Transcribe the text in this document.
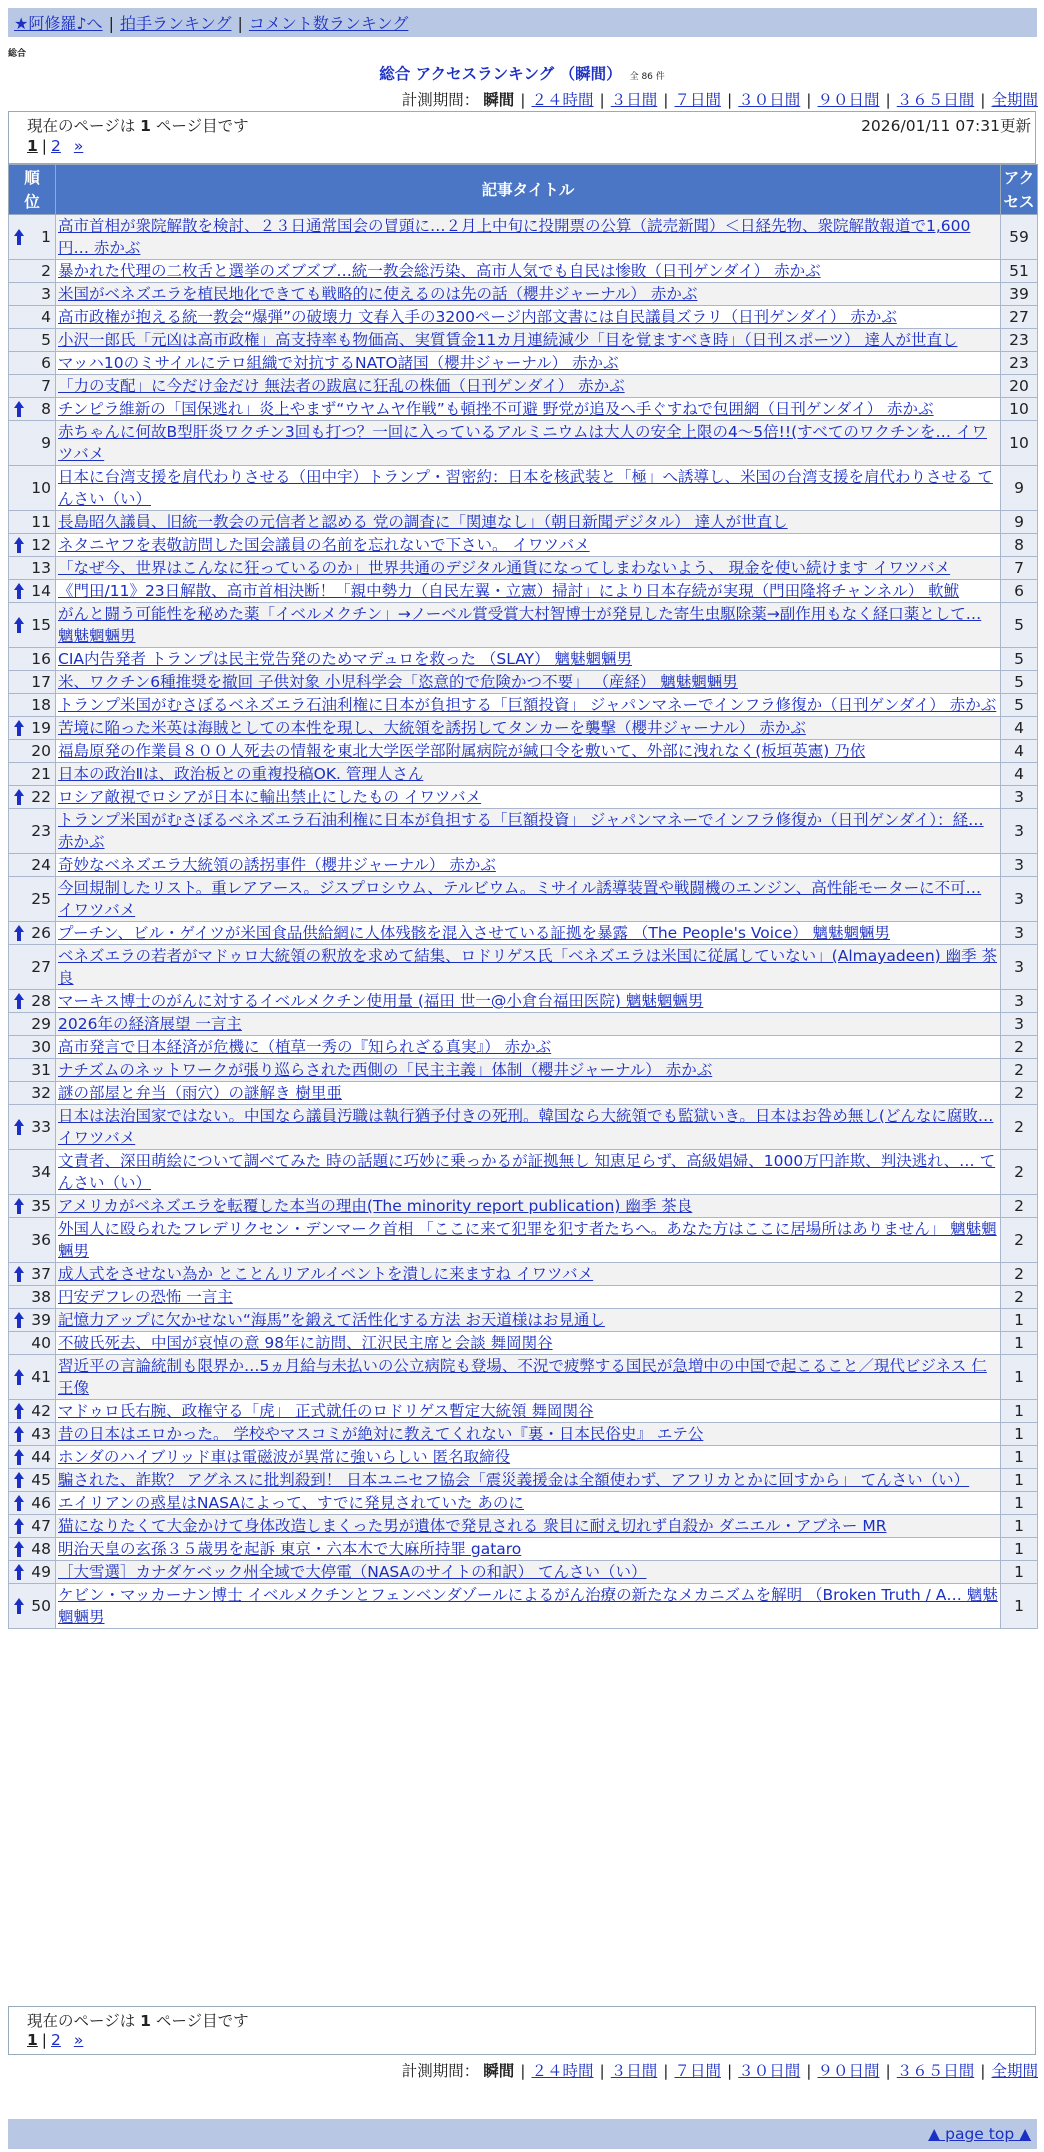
★阿修羅♪へ | 拍手ランキング | コメント数ランキング
総合
総合 アクセスランキング （瞬間） 全 86 件
計測期間： 瞬間 | ２４時間 | ３日間 | ７日間 | ３０日間 | ９０日間 | ３６５日間 | 全期間
現在のページは 1 ページ目です	2026/01/11 07:31更新
1 | 2 »
順位	記事タイトル	アクセス

1	高市首相が衆院解散を検討、２３日通常国会の冒頭に…２月上中旬に投開票の公算（読売新聞）＜日経先物、衆院解散報道で1,600円… 赤かぶ	59
2	暴かれた代理の二枚舌と選挙のズブズブ…統一教会総汚染、高市人気でも自民は惨敗（日刊ゲンダイ） 赤かぶ	51
3	米国がベネズエラを植民地化できても戦略的に使えるのは先の話（櫻井ジャーナル） 赤かぶ	39
4	高市政権が抱える統一教会“爆弾”の破壊力 文春入手の3200ページ内部文書には自民議員ズラリ（日刊ゲンダイ） 赤かぶ	27
5	小沢一郎氏「元凶は高市政権」高支持率も物価高、実質賃金11カ月連続減少「目を覚ますべき時」（日刊スポーツ） 達人が世直し	23
6	マッハ10のミサイルにテロ組織で対抗するNATO諸国（櫻井ジャーナル） 赤かぶ	23
7	「力の支配」に今だけ金だけ 無法者の跋扈に狂乱の株価（日刊ゲンダイ） 赤かぶ	20

8	チンピラ維新の「国保逃れ」炎上やまず“ウヤムヤ作戦”も頓挫不可避 野党が追及へ手ぐすねで包囲網（日刊ゲンダイ） 赤かぶ	10
9	赤ちゃんに何故B型肝炎ワクチン3回も打つ？一回に入っているアルミニウムは大人の安全上限の4～5倍!!(すべてのワクチンを… イワツバメ	10
10	日本に台湾支援を肩代わりさせる（田中宇）トランプ・習密約：日本を核武装と「極」へ誘導し、米国の台湾支援を肩代わりさせる てんさい（い）	9
11	長島昭久議員、旧統一教会の元信者と認める 党の調査に「関連なし」（朝日新聞デジタル） 達人が世直し	9

12	ネタニヤフを表敬訪問した国会議員の名前を忘れないで下さい。 イワツバメ	8
13	「なぜ今、世界はこんなに狂っているのか」世界共通のデジタル通貨になってしまわないよう、 現金を使い続けます イワツバメ	7

14	《門田/11》23日解散、高市首相決断！「親中勢力（自民左翼・立憲）掃討」により日本存続が実現（門田隆将チャンネル） 軟鮲	6

15	がんと闘う可能性を秘めた薬「イベルメクチン」→ノーベル賞受賞大村智博士が発見した寄生虫駆除薬→副作用もなく経口薬として… 魑魅魍魎男	5
16	CIA内告発者 トランプは民主党告発のためマデュロを救った （SLAY） 魑魅魍魎男	5
17	米、ワクチン6種推奨を撤回 子供対象 小児科学会「恣意的で危険かつ不要」 （産経） 魑魅魍魎男	5
18	トランプ米国がむさぼるベネズエラ石油利権に日本が負担する「巨額投資」 ジャパンマネーでインフラ修復か（日刊ゲンダイ） 赤かぶ	5

19	苦境に陥った米英は海賊としての本性を現し、大統領を誘拐してタンカーを襲撃（櫻井ジャーナル） 赤かぶ	4
20	福島原発の作業員８００人死去の情報を東北大学医学部附属病院が緘口令を敷いて、外部に洩れなく(板垣英憲) 乃依	4
21	日本の政治Ⅱは、政治板との重複投稿OK. 管理人さん	4

22	ロシア敵視でロシアが日本に輸出禁止にしたもの イワツバメ	3
23	トランプ米国がむさぼるベネズエラ石油利権に日本が負担する「巨額投資」 ジャパンマネーでインフラ修復か（日刊ゲンダイ）：経… 赤かぶ	3
24	奇妙なベネズエラ大統領の誘拐事件（櫻井ジャーナル） 赤かぶ	3
25	今回規制したリスト。重レアアース。ジスプロシウム、テルビウム。ミサイル誘導装置や戦闘機のエンジン、高性能モーターに不可… イワツバメ	3

26	プーチン、ビル・ゲイツが米国食品供給網に人体残骸を混入させている証拠を暴露 （The People's Voice） 魑魅魍魎男	3
27	ベネズエラの若者がマドゥロ大統領の釈放を求めて結集、ロドリゲス氏「ベネズエラは米国に従属していない」(Almayadeen) 幽季 茶良	3

28	マーキス博士のがんに対するイベルメクチン使用量 (福田 世一@小倉台福田医院) 魑魅魍魎男	3
29	2026年の経済展望 一言主	3
30	高市発言で日本経済が危機に（植草一秀の『知られざる真実』） 赤かぶ	2
31	ナチズムのネットワークが張り巡らされた西側の「民主主義」体制（櫻井ジャーナル） 赤かぶ	2
32	謎の部屋と弁当（雨穴）の謎解き 樹里亜	2

33	日本は法治国家ではない。中国なら議員汚職は執行猶予付きの死刑。韓国なら大統領でも監獄いき。日本はお咎め無し(どんなに腐敗… イワツバメ	2
34	文責者、深田萌絵について調べてみた 時の話題に巧妙に乗っかるが証拠無し 知恵足らず、高級娼婦、1000万円詐欺、判決逃れ、… てんさい（い）	2

35	アメリカがベネズエラを転覆した本当の理由(The minority report publication) 幽季 茶良	2
36	外国人に殴られたフレデリクセン・デンマーク首相 「ここに来て犯罪を犯す者たちへ。あなた方はここに居場所はありません」 魑魅魍魎男	2

37	成人式をさせない為か とことんリアルイベントを潰しに来ますね イワツバメ	2
38	円安デフレの恐怖 一言主	2

39	記憶力アップに欠かせない“海馬”を鍛えて活性化する方法 お天道様はお見通し	1
40	不破氏死去、中国が哀悼の意 98年に訪問、江沢民主席と会談 舞岡関谷	1

41	習近平の言論統制も限界か…5ヵ月給与未払いの公立病院も登場、不況で疲弊する国民が急増中の中国で起こること／現代ビジネス 仁王像	1

42	マドゥロ氏右腕、政権守る「虎」 正式就任のロドリゲス暫定大統領 舞岡関谷	1

43	昔の日本はエロかった。 学校やマスコミが絶対に教えてくれない『裏・日本民俗史』 エテ公	1

44	ホンダのハイブリッド車は電磁波が異常に強いらしい 匿名取締役	1

45	騙された、詐欺？ アグネスに批判殺到！ 日本ユニセフ協会「震災義援金は全額使わず、アフリカとかに回すから」 てんさい（い）	1

46	エイリアンの惑星はNASAによって、すでに発見されていた あのに	1

47	猫になりたくて大金かけて身体改造しまくった男が遺体で発見される 衆目に耐え切れず自殺か ダニエル・アブネー MR	1

48	明治天皇の玄孫３５歳男を起訴 東京・六本木で大麻所持罪 gataro	1

49	［大雪選］カナダケベック州全域で大停電（NASAのサイトの和訳） てんさい（い）	1

50	ケビン・マッカーナン博士 イベルメクチンとフェンベンダゾールによるがん治療の新たなメカニズムを解明 （Broken Truth / A… 魑魅魍魎男	1
現在のページは 1 ページ目です
1 | 2 »
計測期間： 瞬間 | ２４時間 | ３日間 | ７日間 | ３０日間 | ９０日間 | ３６５日間 | 全期間
▲ page top ▲
